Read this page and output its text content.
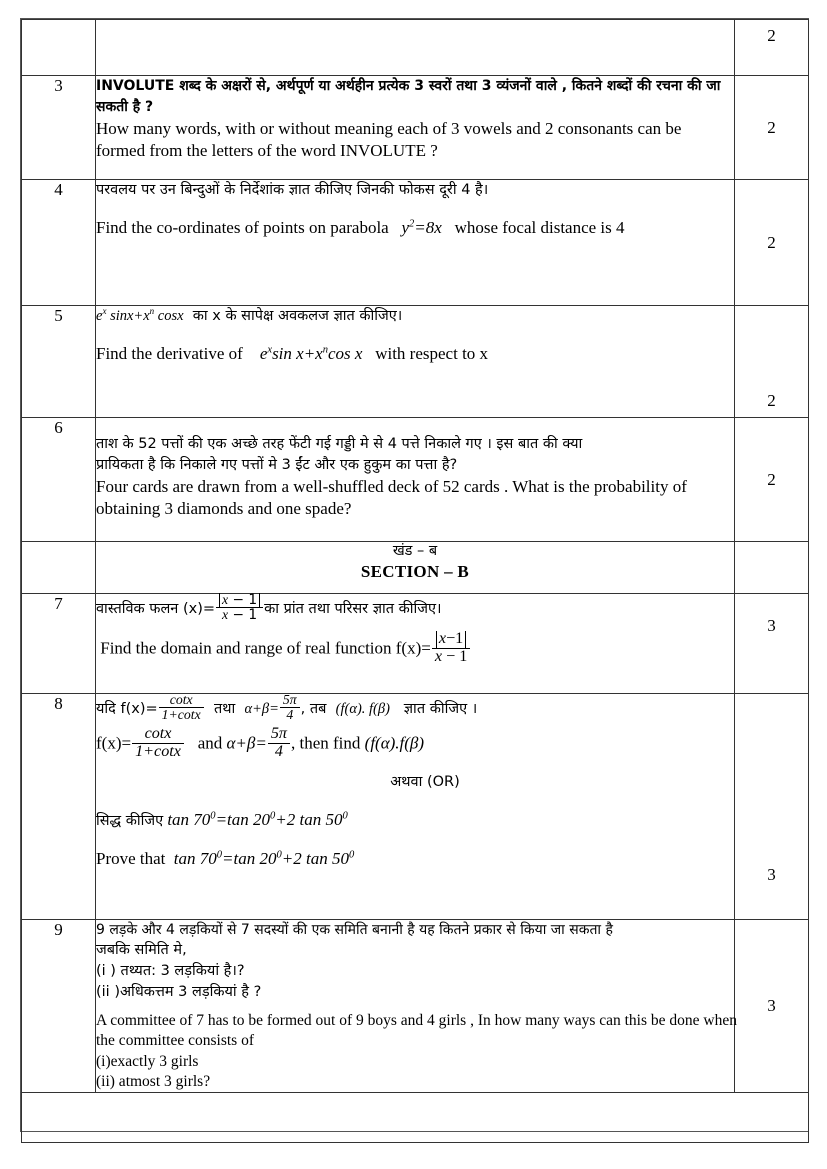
		2
3	INVOLUTE शब्द के अक्षरों से, अर्थपूर्ण या अर्थहीन प्रत्येक 3 स्वरों तथा 3 व्यंजनों वाले , कितने शब्दों की रचना की जा सकती है ?
How many words, with or without meaning each of 3 vowels and 2 consonants can be formed from the letters of the word INVOLUTE ?	2
4	परवलय पर उन बिन्दुओं के निर्देशांक ज्ञात कीजिए जिनकी फोकस दूरी 4 है।
Find the co-ordinates of points on parabola $y^2=8x$ whose focal distance is 4	2
5	$e^x$ $\sin x+x^n$ cosx का x के सापेक्ष अवकलज ज्ञात कीजिए।
Find the derivative of $e^x\sin$ $x+x^n\cos$ x with respect to x	2
6	ताश के 52 पत्तों की एक अच्छे तरह फेंटी गई गड्डी मे से 4 पत्ते निकाले गए । इस बात की क्या
प्रायिकता है कि निकाले गए पत्तों मे 3 ईंट और एक हुकुम का पत्ता है?
Four cards are drawn from a well-shuffled deck of 52 cards . What is the probability of obtaining 3 diamonds and one spade?	2

	खंड – ब
SECTION – B	

7	वास्तविक फलन $(x)= \frac{x - 1}{x - 1}$ का प्रांत तथा परिसर ज्ञात कीजिए।
Find the domain and range of real function $f(x)= \frac{x-1}{x - 1}$
	3
8	यदि $f(x)= \frac{\cot x}{1+\cot x}$ तथा $\alpha+\beta= \frac{5\pi}{4}$ , तब (f(α). f(β) ज्ञात कीजिए ।
$f(x)= \frac{\cot x}{1+\cot x}$ and $\alpha+\beta= \frac{5\pi}{4}$ , then find (f(α).f(β)
अथवा (OR)
सिद्ध कीजिए $\tan 70^0=\tan$ $20^0+2$ $\tan 50^0$
Prove that  $\tan 70^0=\tan$ $20^0+2$ $\tan 50^0$
	3
9	9 लड़के और 4 लड़कियों से 7 सदस्यों की एक समिति बनानी है यह कितने प्रकार से किया जा सकता है
जबकि समिति मे,
(i ) तथ्यत: 3 लड़कियां है।?
(ii )अधिकत्तम 3 लड़कियां है ?
A committee of 7 has to be formed out of 9 boys and 4 girls , In how many ways can this be done when
the committee consists of
(i)exactly 3 girls
(ii) atmost 3 girls?
	3
